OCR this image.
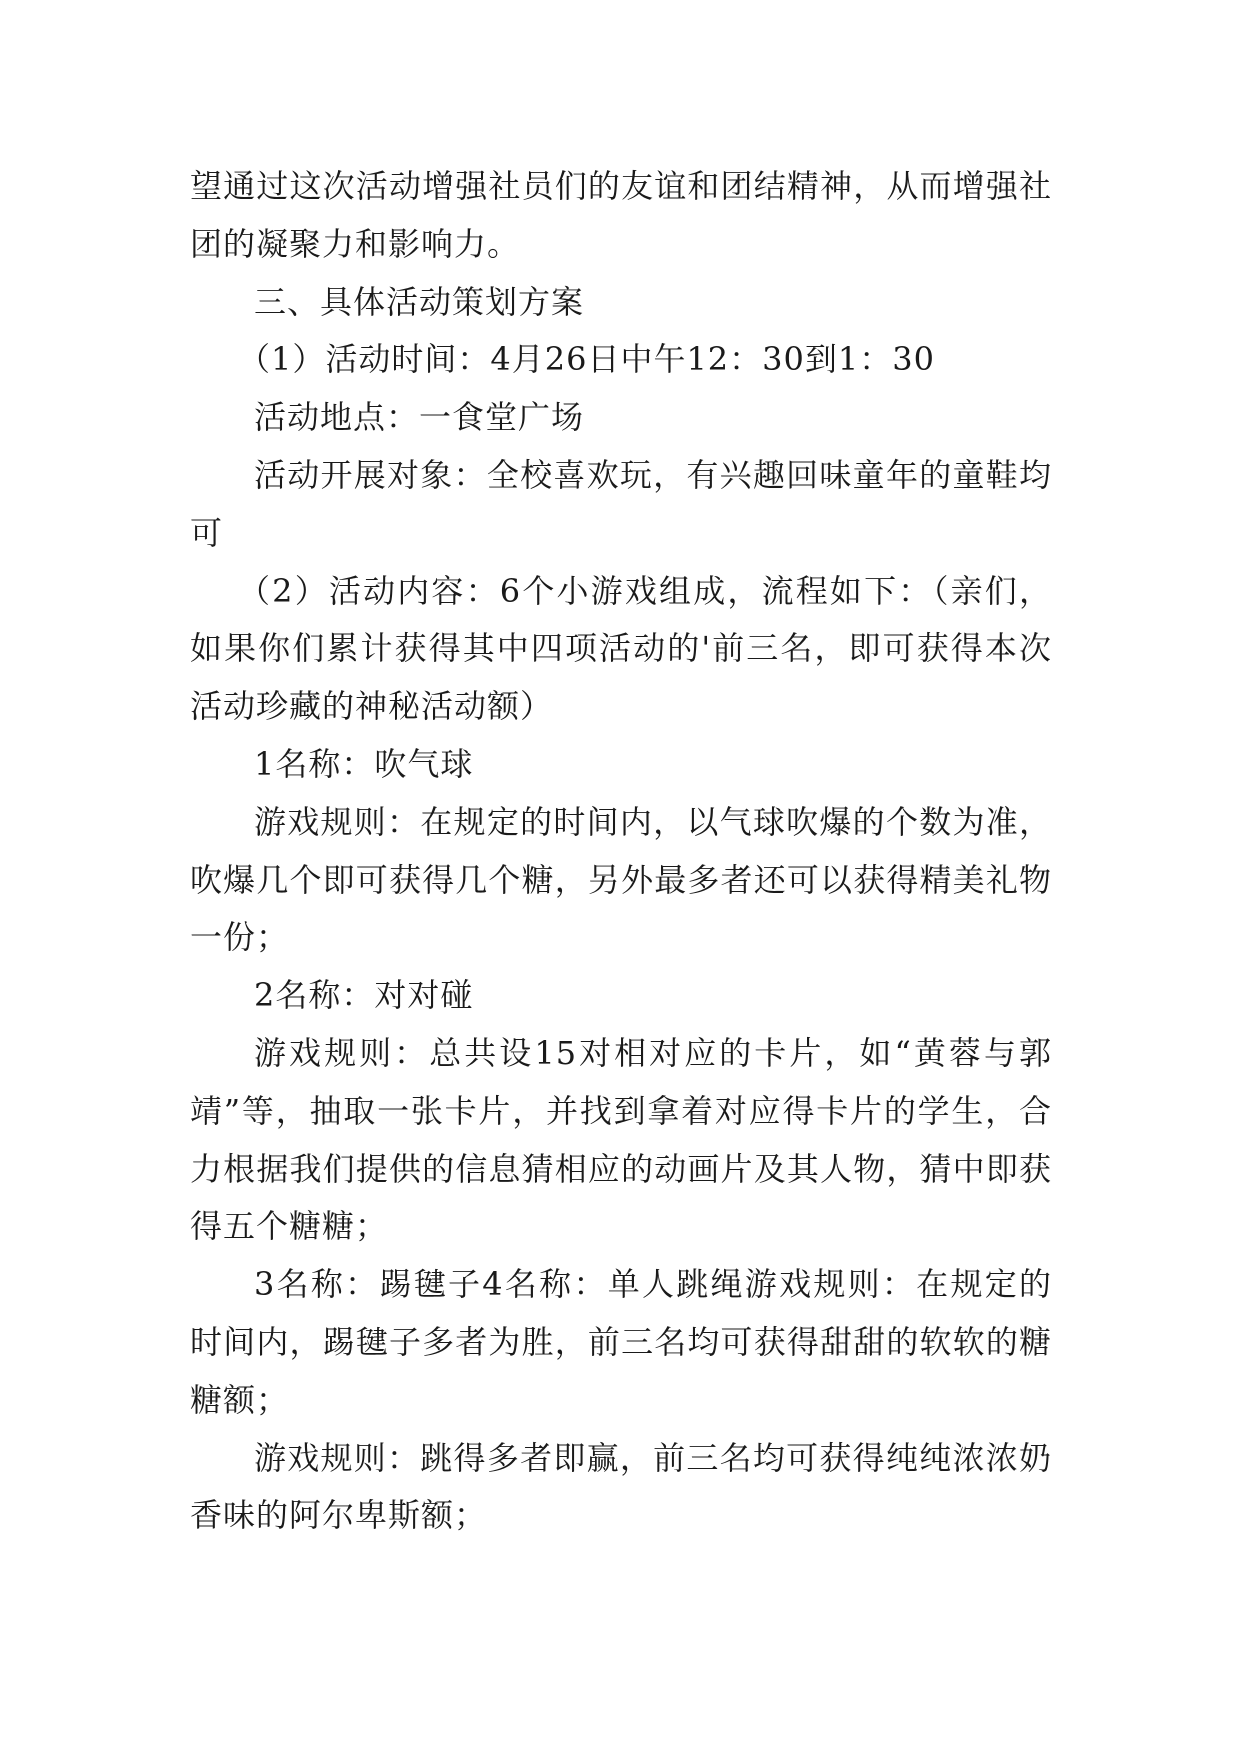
望通过这次活动增强社员们的友谊和团结精神，从而增强社团的凝聚力和影响力。

三、具体活动策划方案

（1）活动时间：4月26日中午12：30到1：30

活动地点：一食堂广场

活动开展对象：全校喜欢玩，有兴趣回味童年的童鞋均可

（2）活动内容：6个小游戏组成，流程如下：（亲们，如果你们累计获得其中四项活动的'前三名，即可获得本次活动珍藏的神秘活动额）

1名称：吹气球

游戏规则：在规定的时间内，以气球吹爆的个数为准，吹爆几个即可获得几个糖，另外最多者还可以获得精美礼物一份；

2名称：对对碰

游戏规则：总共设15对相对应的卡片，如“黄蓉与郭靖”等，抽取一张卡片，并找到拿着对应得卡片的学生，合力根据我们提供的信息猜相应的动画片及其人物，猜中即获得五个糖糖；

3名称：踢毽子4名称：单人跳绳游戏规则：在规定的时间内，踢毽子多者为胜，前三名均可获得甜甜的软软的糖糖额；

游戏规则：跳得多者即赢，前三名均可获得纯纯浓浓奶香味的阿尔卑斯额；
